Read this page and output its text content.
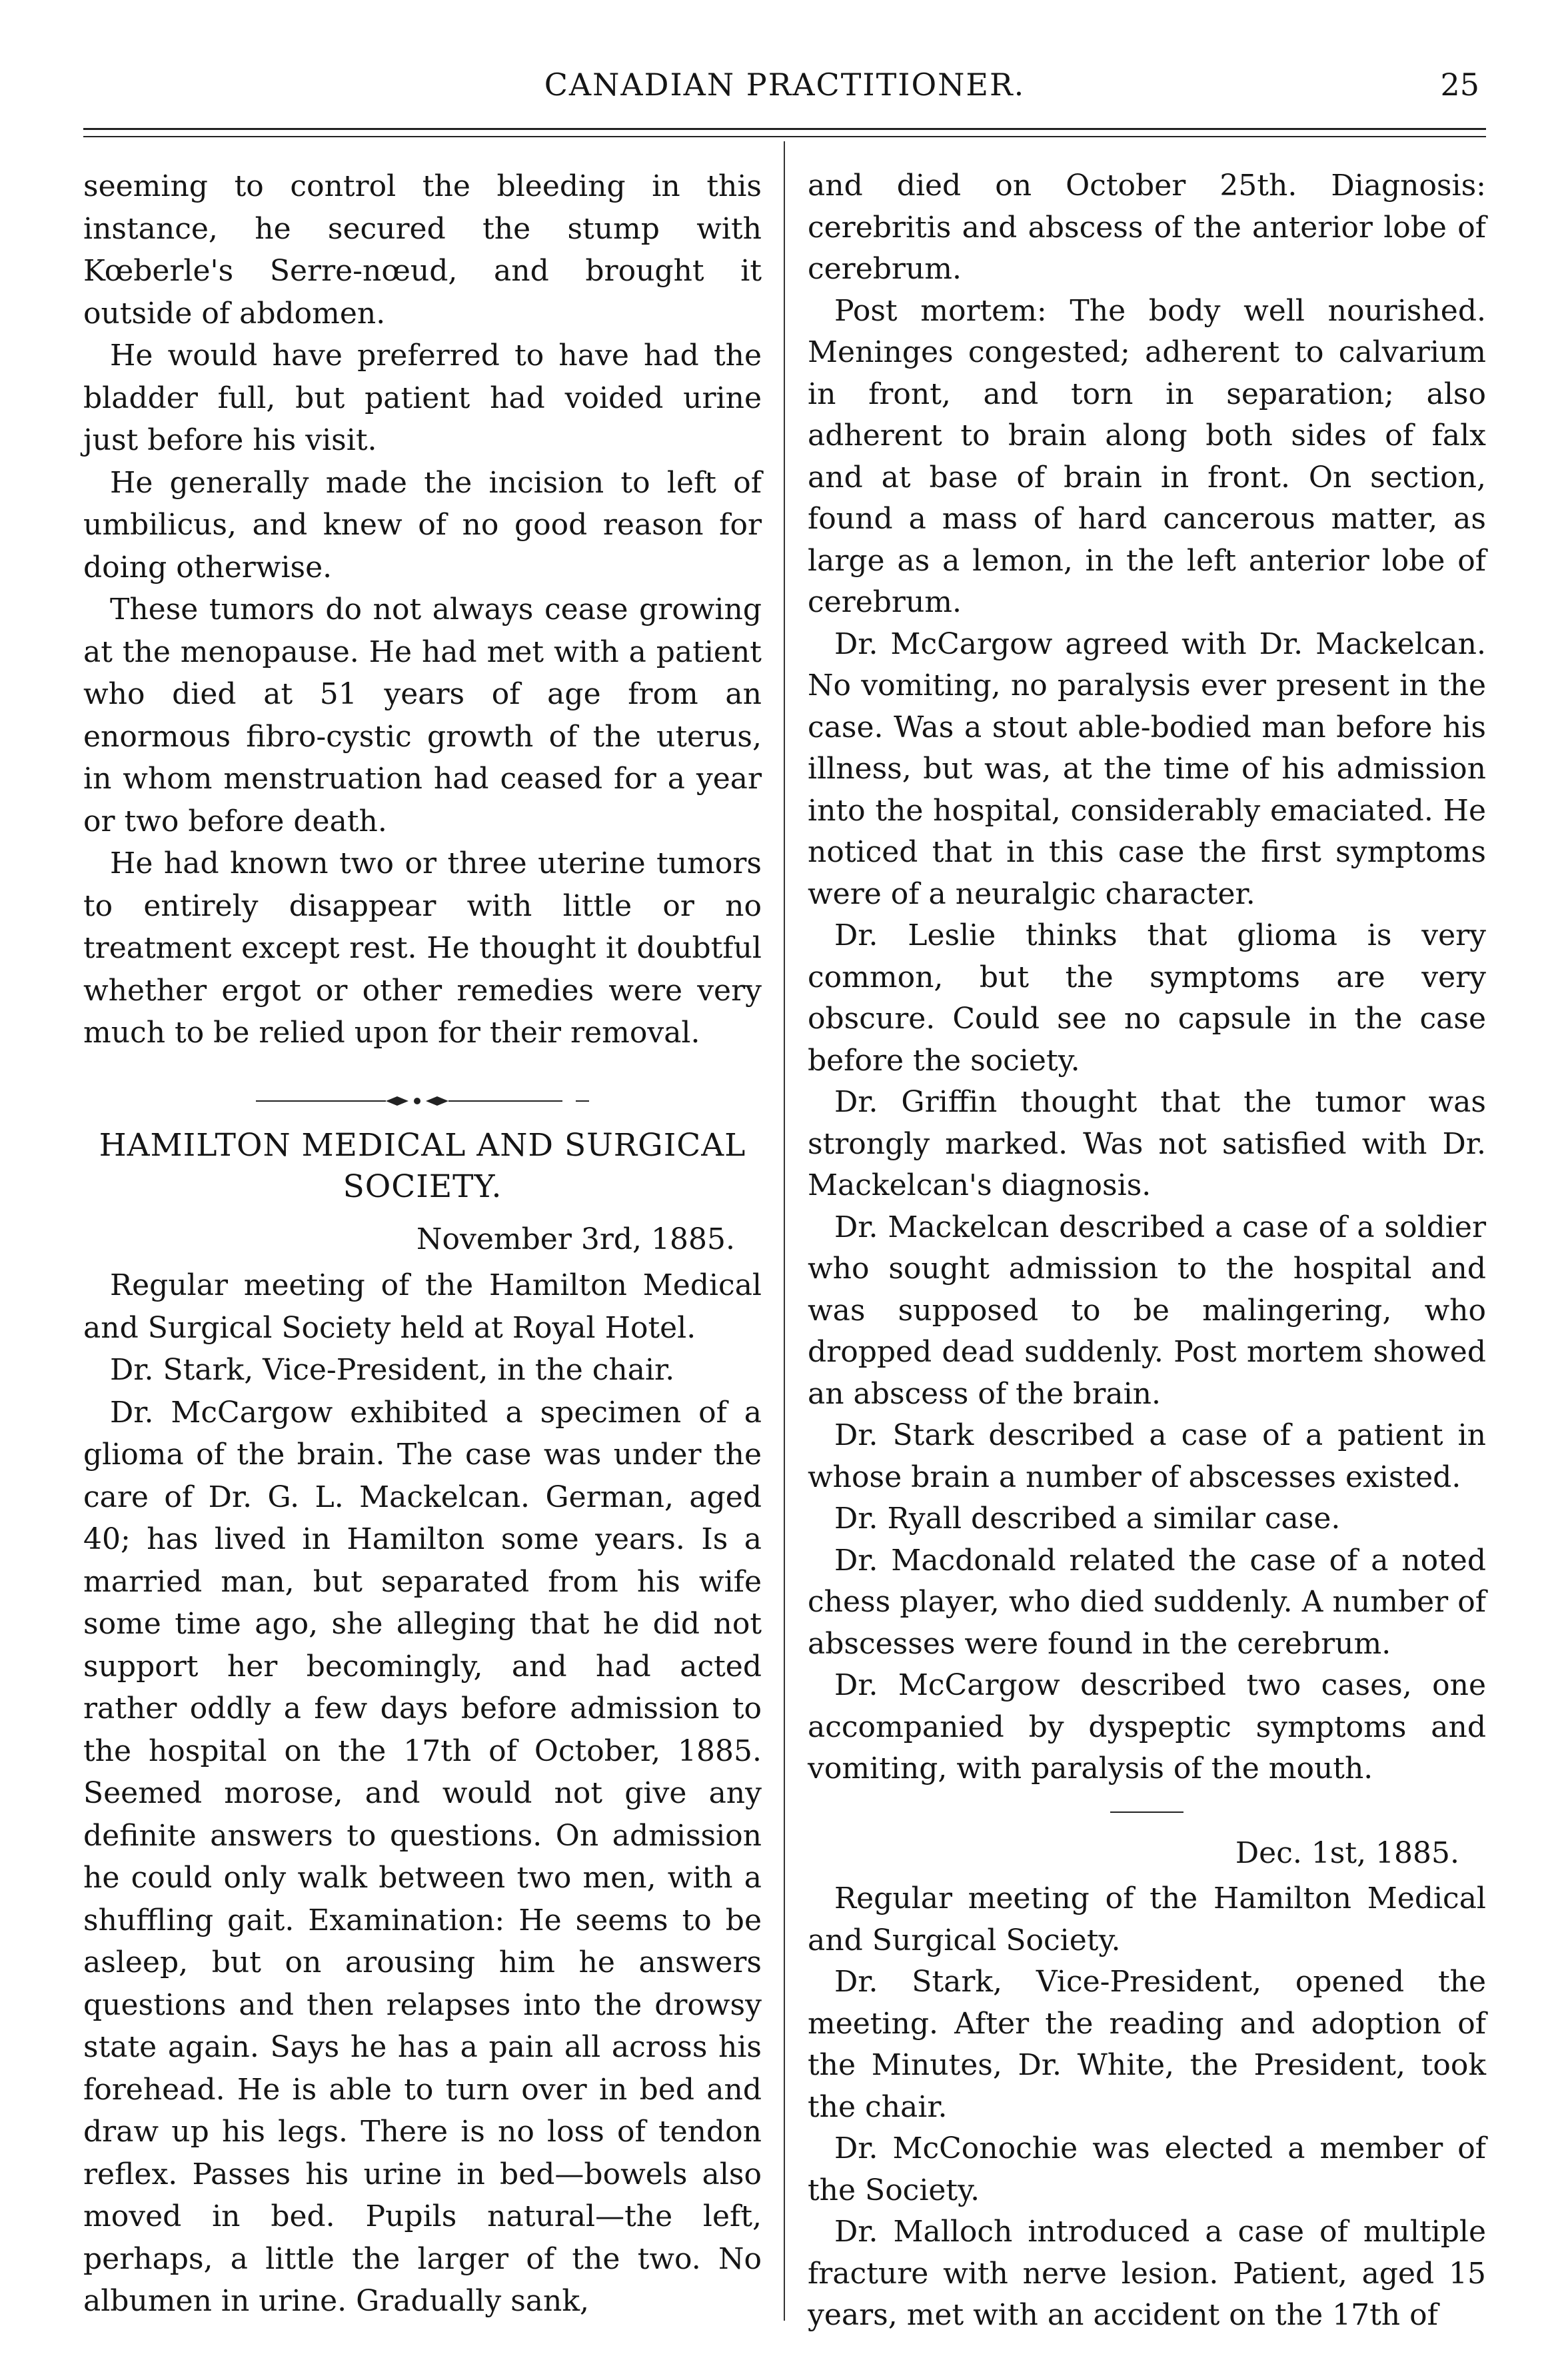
CANADIAN PRACTITIONER.	25

seeming to control the bleeding in this instance, he secured the stump with Kœberle's Serre-nœud, and brought it outside of abdomen.

He would have preferred to have had the bladder full, but patient had voided urine just before his visit.

He generally made the incision to left of umbilicus, and knew of no good reason for doing otherwise.

These tumors do not always cease growing at the menopause. He had met with a patient who died at 51 years of age from an enormous fibro-cystic growth of the uterus, in whom menstruation had ceased for a year or two before death.

He had known two or three uterine tumors to entirely disappear with little or no treatment except rest. He thought it doubtful whether ergot or other remedies were very much to be relied upon for their removal.

HAMILTON MEDICAL AND SURGICAL SOCIETY.
November 3rd, 1885.

Regular meeting of the Hamilton Medical and Surgical Society held at Royal Hotel.

Dr. Stark, Vice-President, in the chair.

Dr. McCargow exhibited a specimen of a glioma of the brain. The case was under the care of Dr. G. L. Mackelcan. German, aged 40; has lived in Hamilton some years. Is a married man, but separated from his wife some time ago, she alleging that he did not support her becomingly, and had acted rather oddly a few days before admission to the hospital on the 17th of October, 1885. Seemed morose, and would not give any definite answers to questions. On admission he could only walk between two men, with a shuffling gait. Examination: He seems to be asleep, but on arousing him he answers questions and then relapses into the drowsy state again. Says he has a pain all across his forehead. He is able to turn over in bed and draw up his legs. There is no loss of tendon reflex. Passes his urine in bed—bowels also moved in bed. Pupils natural—the left, perhaps, a little the larger of the two. No albumen in urine. Gradually sank,

and died on October 25th. Diagnosis: cerebritis and abscess of the anterior lobe of cerebrum.

Post mortem: The body well nourished. Meninges congested; adherent to calvarium in front, and torn in separation; also adherent to brain along both sides of falx and at base of brain in front. On section, found a mass of hard cancerous matter, as large as a lemon, in the left anterior lobe of cerebrum.

Dr. McCargow agreed with Dr. Mackelcan. No vomiting, no paralysis ever present in the case. Was a stout able-bodied man before his illness, but was, at the time of his admission into the hospital, considerably emaciated. He noticed that in this case the first symptoms were of a neuralgic character.

Dr. Leslie thinks that glioma is very common, but the symptoms are very obscure. Could see no capsule in the case before the society.

Dr. Griffin thought that the tumor was strongly marked. Was not satisfied with Dr. Mackelcan's diagnosis.

Dr. Mackelcan described a case of a soldier who sought admission to the hospital and was supposed to be malingering, who dropped dead suddenly. Post mortem showed an abscess of the brain.

Dr. Stark described a case of a patient in whose brain a number of abscesses existed.

Dr. Ryall described a similar case.

Dr. Macdonald related the case of a noted chess player, who died suddenly. A number of abscesses were found in the cerebrum.

Dr. McCargow described two cases, one accompanied by dyspeptic symptoms and vomiting, with paralysis of the mouth.

Dec. 1st, 1885.

Regular meeting of the Hamilton Medical and Surgical Society.

Dr. Stark, Vice-President, opened the meeting. After the reading and adoption of the Minutes, Dr. White, the President, took the chair.

Dr. McConochie was elected a member of the Society.

Dr. Malloch introduced a case of multiple fracture with nerve lesion. Patient, aged 15 years, met with an accident on the 17th of
